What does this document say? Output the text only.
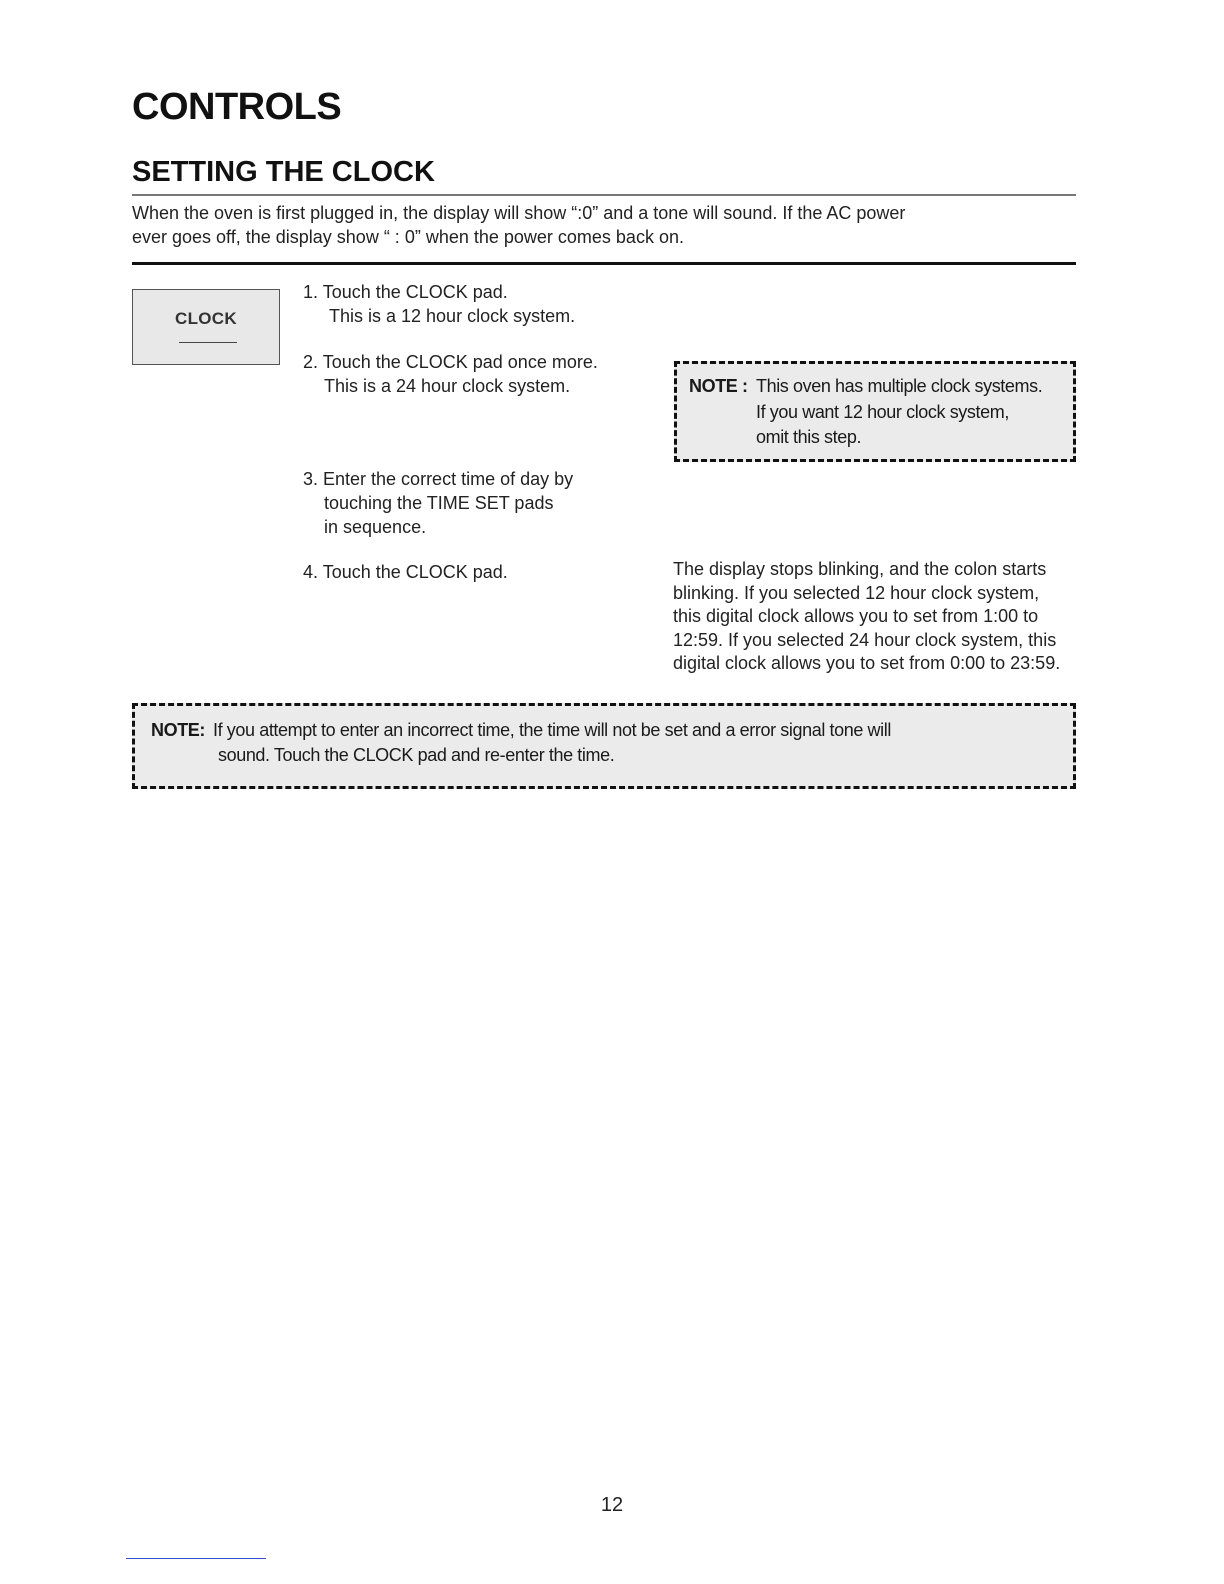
CONTROLS
SETTING THE CLOCK
When the oven is first plugged in, the display will show “:0” and a tone will sound. If the AC power
ever goes off, the display show “ : 0” when the power comes back on.
CLOCK
1. Touch the CLOCK pad.
This is a 12 hour clock system.
2. Touch the CLOCK pad once more.
This is a 24 hour clock system.	NOTE : This oven has multiple clock systems.
If you want 12 hour clock system,
omit this step.
3. Enter the correct time of day by
touching the TIME SET pads
in sequence.
4. Touch the CLOCK pad.	The display stops blinking, and the colon starts
blinking. If you selected 12 hour clock system,
this digital clock allows you to set from 1:00 to
12:59. If you selected 24 hour clock system, this
digital clock allows you to set from 0:00 to 23:59.
NOTE: If you attempt to enter an incorrect time, the time will not be set and a error signal tone will
sound. Touch the CLOCK pad and re-enter the time.
12
